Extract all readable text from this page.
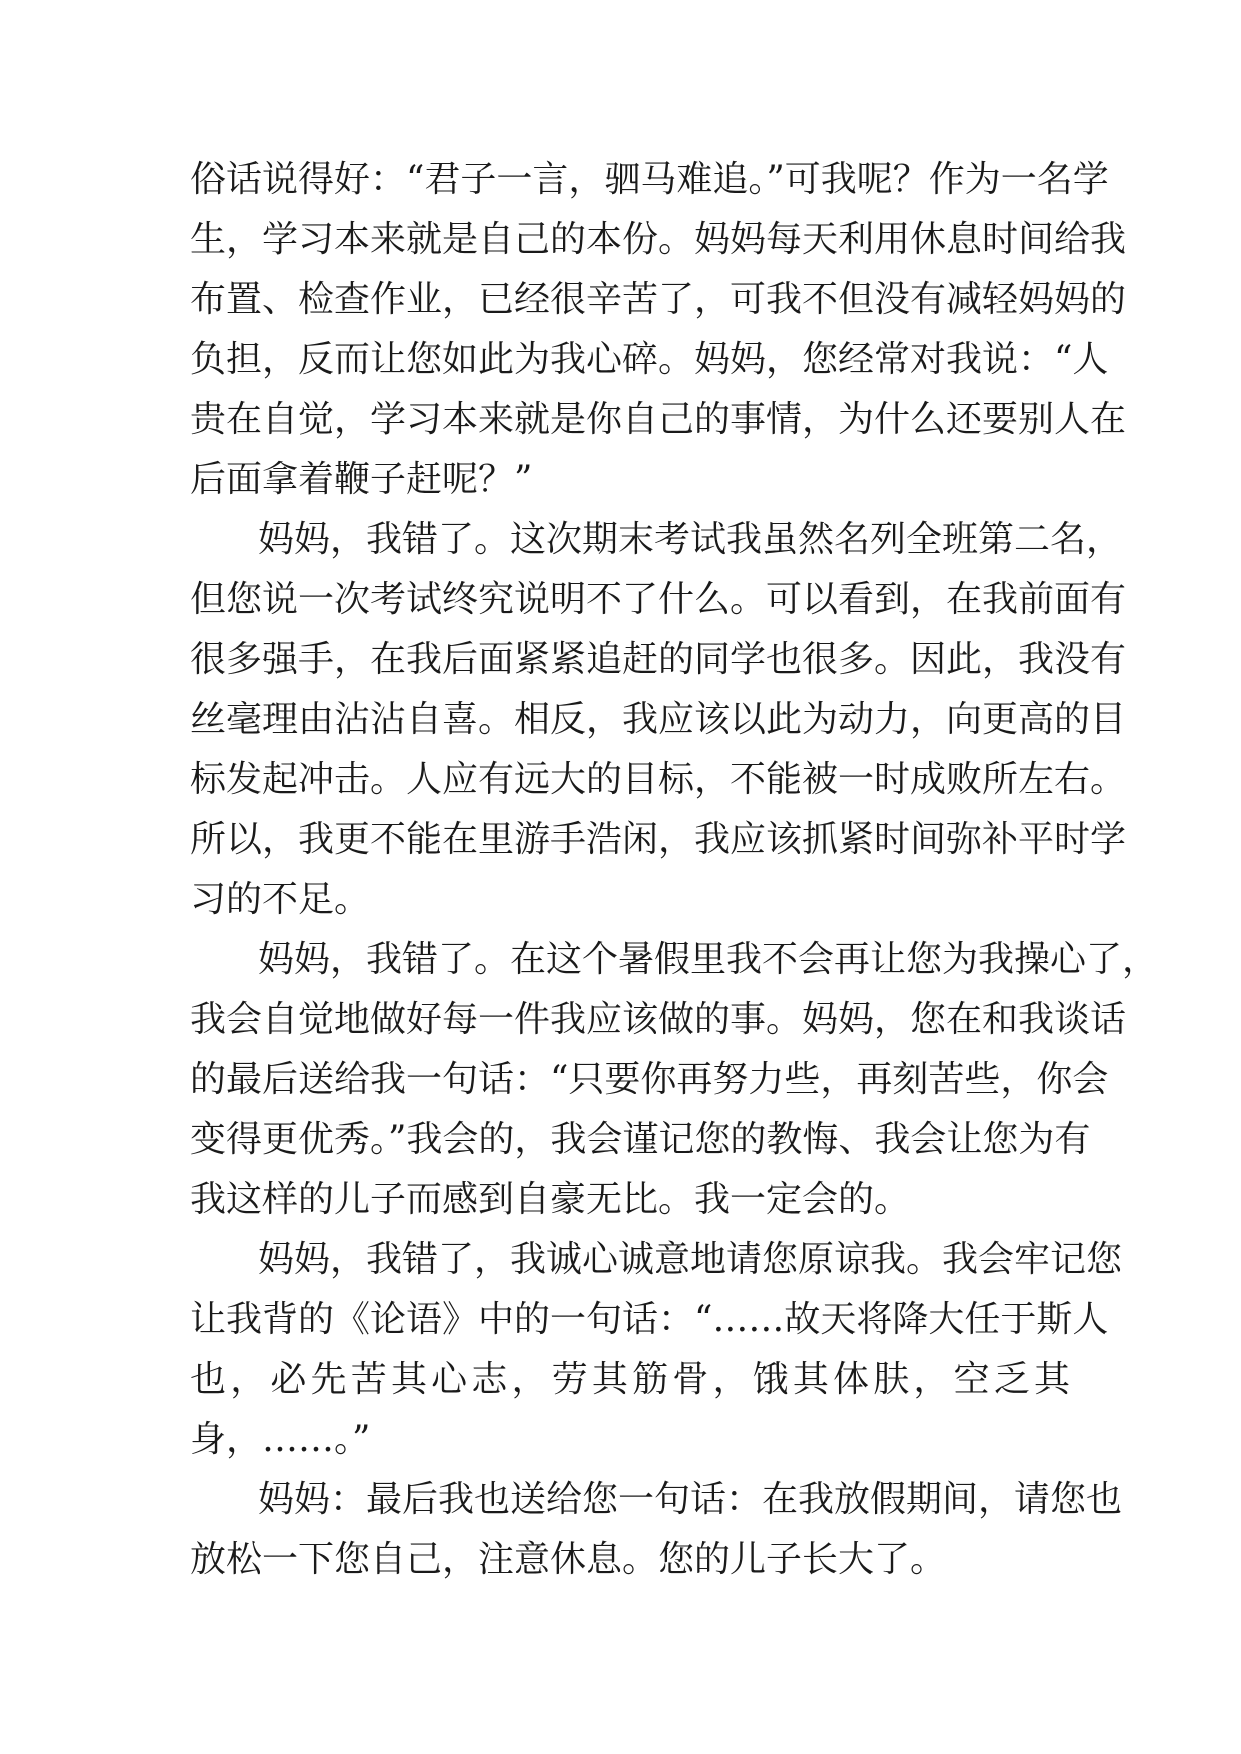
俗话说得好：“君子一言，驷马难追。”可我呢？作为一名学
生，学习本来就是自己的本份。妈妈每天利用休息时间给我
布置、检查作业，已经很辛苦了，可我不但没有减轻妈妈的
负担，反而让您如此为我心碎。妈妈，您经常对我说：“人
贵在自觉，学习本来就是你自己的事情，为什么还要别人在
后面拿着鞭子赶呢？”
妈妈，我错了。这次期末考试我虽然名列全班第二名，
但您说一次考试终究说明不了什么。可以看到，在我前面有
很多强手，在我后面紧紧追赶的同学也很多。因此，我没有
丝毫理由沾沾自喜。相反，我应该以此为动力，向更高的目
标发起冲击。人应有远大的目标，不能被一时成败所左右。
所以，我更不能在里游手浩闲，我应该抓紧时间弥补平时学
习的不足。
妈妈，我错了。在这个暑假里我不会再让您为我操心了，
我会自觉地做好每一件我应该做的事。妈妈，您在和我谈话
的最后送给我一句话：“只要你再努力些，再刻苦些，你会
变得更优秀。”我会的，我会谨记您的教悔、我会让您为有
我这样的儿子而感到自豪无比。我一定会的。
妈妈，我错了，我诚心诚意地请您原谅我。我会牢记您
让我背的《论语》中的一句话：“……故天将降大任于斯人
也，必先苦其心志，劳其筋骨，饿其体肤，空乏其
身，……。”
妈妈：最后我也送给您一句话：在我放假期间，请您也
放松一下您自己，注意休息。您的儿子长大了。
